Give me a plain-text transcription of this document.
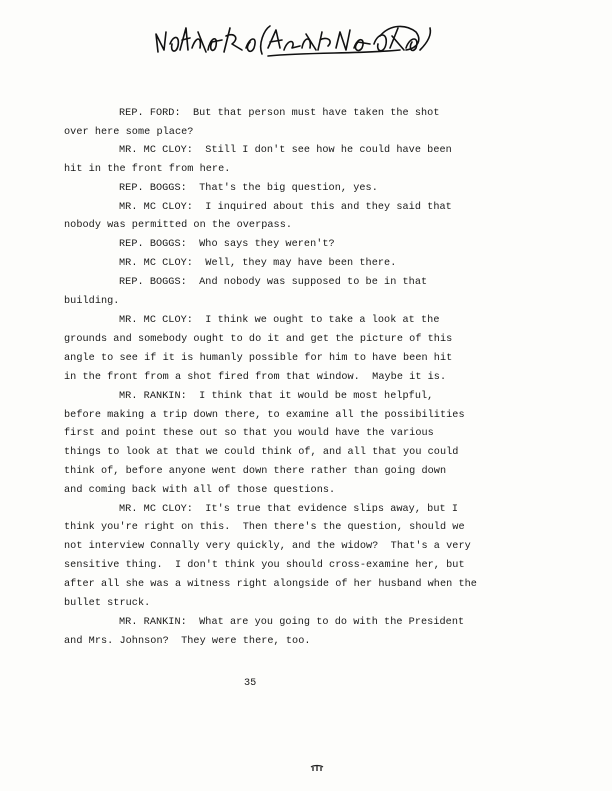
REP. FORD:  But that person must have taken the shot
over here some place?
MR. MC CLOY:  Still I don't see how he could have been
hit in the front from here.
REP. BOGGS:  That's the big question, yes.
MR. MC CLOY:  I inquired about this and they said that
nobody was permitted on the overpass.
REP. BOGGS:  Who says they weren't?
MR. MC CLOY:  Well, they may have been there.
REP. BOGGS:  And nobody was supposed to be in that
building.
MR. MC CLOY:  I think we ought to take a look at the
grounds and somebody ought to do it and get the picture of this
angle to see if it is humanly possible for him to have been hit
in the front from a shot fired from that window.  Maybe it is.
MR. RANKIN:  I think that it would be most helpful,
before making a trip down there, to examine all the possibilities
first and point these out so that you would have the various
things to look at that we could think of, and all that you could
think of, before anyone went down there rather than going down
and coming back with all of those questions.
MR. MC CLOY:  It's true that evidence slips away, but I
think you're right on this.  Then there's the question, should we
not interview Connally very quickly, and the widow?  That's a very
sensitive thing.  I don't think you should cross-examine her, but
after all she was a witness right alongside of her husband when the
bullet struck.
MR. RANKIN:  What are you going to do with the President
and Mrs. Johnson?  They were there, too.
35
